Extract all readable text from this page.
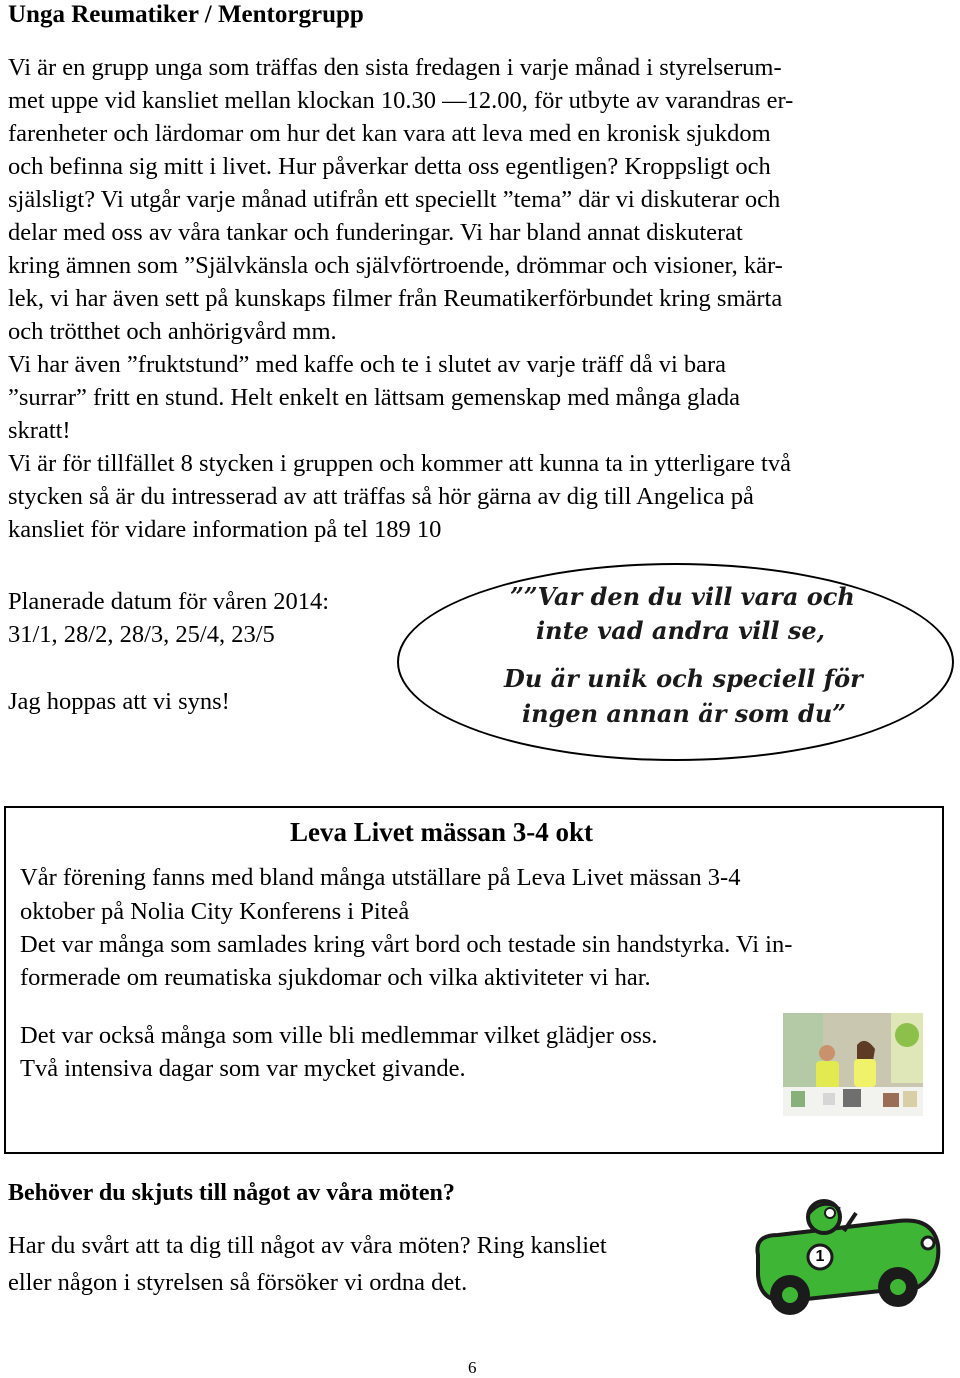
Unga Reumatiker / Mentorgrupp
Vi är en grupp unga som träffas den sista fredagen i varje månad i styrelserum-
met uppe vid kansliet mellan klockan 10.30 —12.00, för utbyte av varandras er-
farenheter och lärdomar om hur det kan vara att leva med en kronisk sjukdom
och befinna sig mitt i livet. Hur påverkar detta oss egentligen? Kroppsligt och
själsligt? Vi utgår varje månad utifrån ett speciellt ”tema” där vi diskuterar och
delar med oss av våra tankar och funderingar. Vi har bland annat diskuterat
kring ämnen som ”Självkänsla och självförtroende, drömmar och visioner, kär-
lek, vi har även sett på kunskaps filmer från Reumatikerförbundet kring smärta
och trötthet och anhörigvård mm.
Vi har även ”fruktstund” med kaffe och te i slutet av varje träff då vi bara
”surrar” fritt en stund. Helt enkelt en lättsam gemenskap med många glada
skratt!
Vi är för tillfället 8 stycken i gruppen och kommer att kunna ta in ytterligare två
stycken så är du intresserad av att träffas så hör gärna av dig till Angelica på
kansliet för vidare information på tel 189 10
Planerade datum för våren 2014:
31/1, 28/2, 28/3, 25/4, 23/5
Jag hoppas att vi syns!
””Var den du vill vara och
inte vad andra vill se,
Du är unik och speciell för
ingen annan är som du”
Leva Livet mässan 3-4 okt
Vår förening fanns med bland många utställare på Leva Livet mässan 3-4
oktober på Nolia City Konferens i Piteå
Det var många som samlades kring vårt bord och testade sin handstyrka. Vi in-
formerade om reumatiska sjukdomar och vilka aktiviteter vi har.
Det var också många som ville bli medlemmar vilket glädjer oss.
Två intensiva dagar som var mycket givande.
Behöver du skjuts till något av våra möten?
Har du svårt att ta dig till något av våra möten? Ring kansliet
eller någon i styrelsen så försöker vi ordna det.
1
6
